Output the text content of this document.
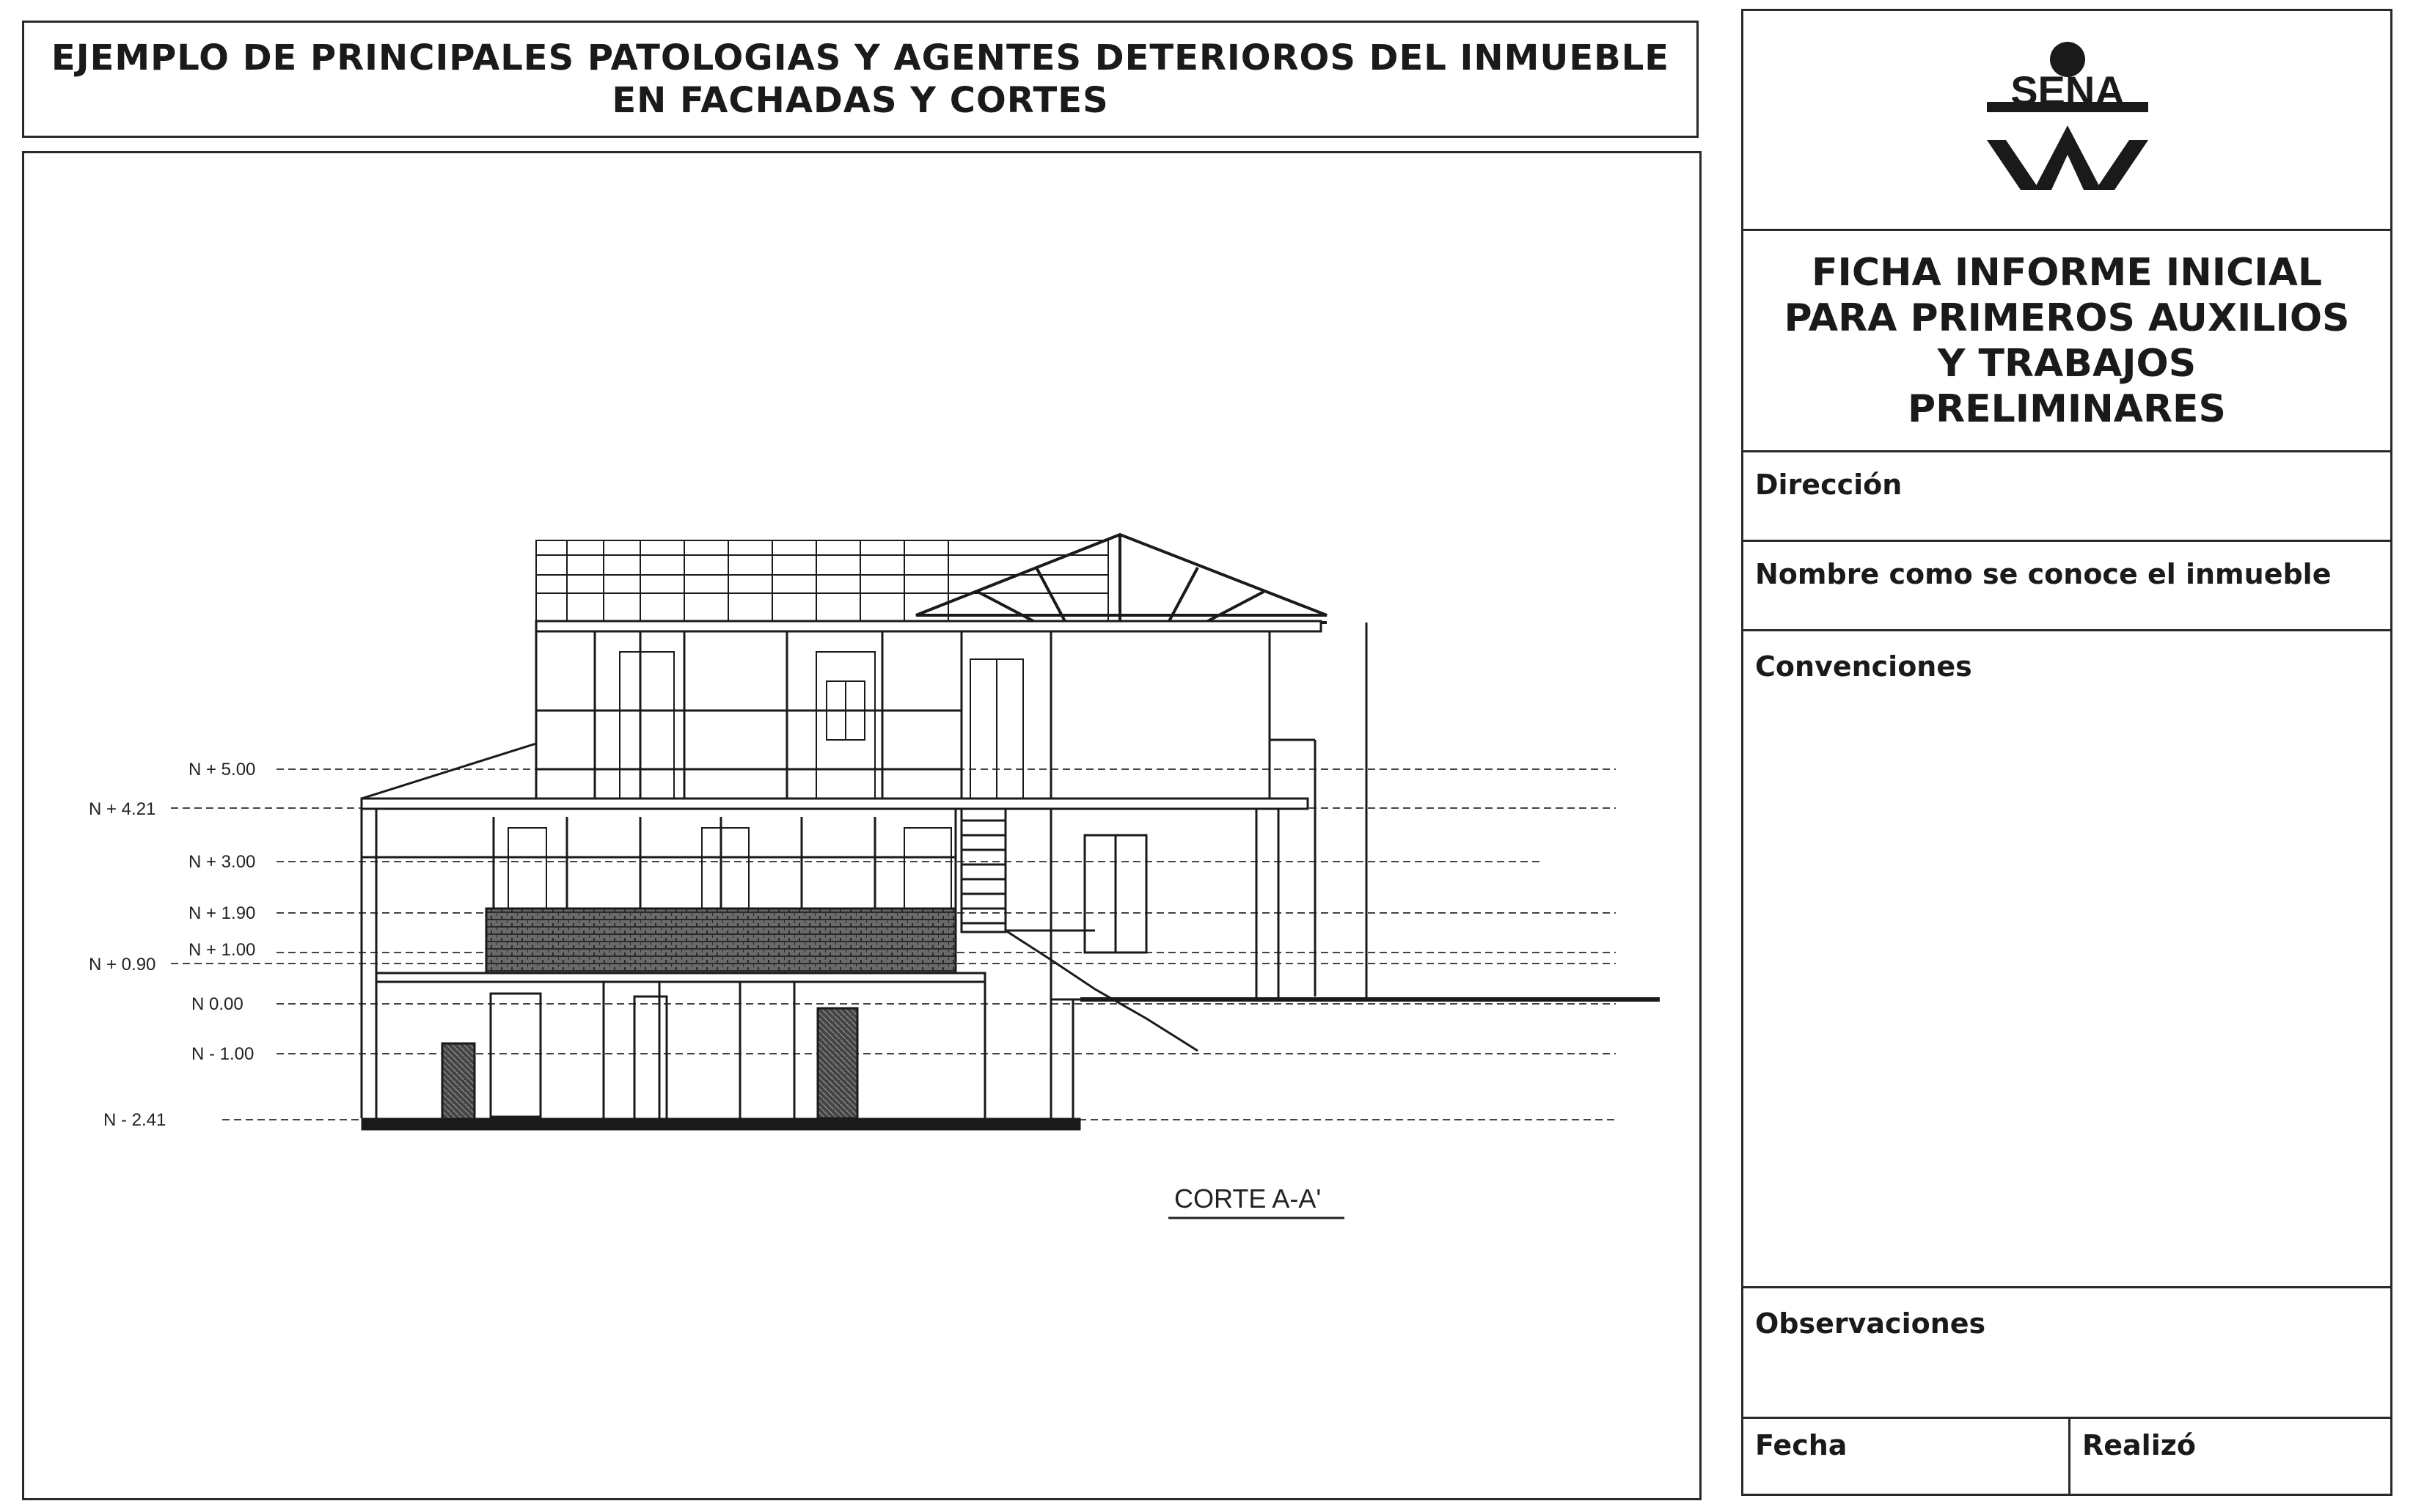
EJEMPLO DE PRINCIPALES PATOLOGIAS Y AGENTES DETERIOROS DEL INMUEBLE
EN FACHADAS Y CORTES
N + 5.00
N + 4.21
N + 3.00
N + 1.90
N + 1.00
N + 0.90
N 0.00
N - 1.00
N - 2.41
CORTE A-A'
SENA
FICHA INFORME INICIAL
PARA PRIMEROS AUXILIOS
Y TRABAJOS
PRELIMINARES
Dirección
Nombre como se conoce el inmueble
Convenciones
Observaciones
Fecha	Realizó
